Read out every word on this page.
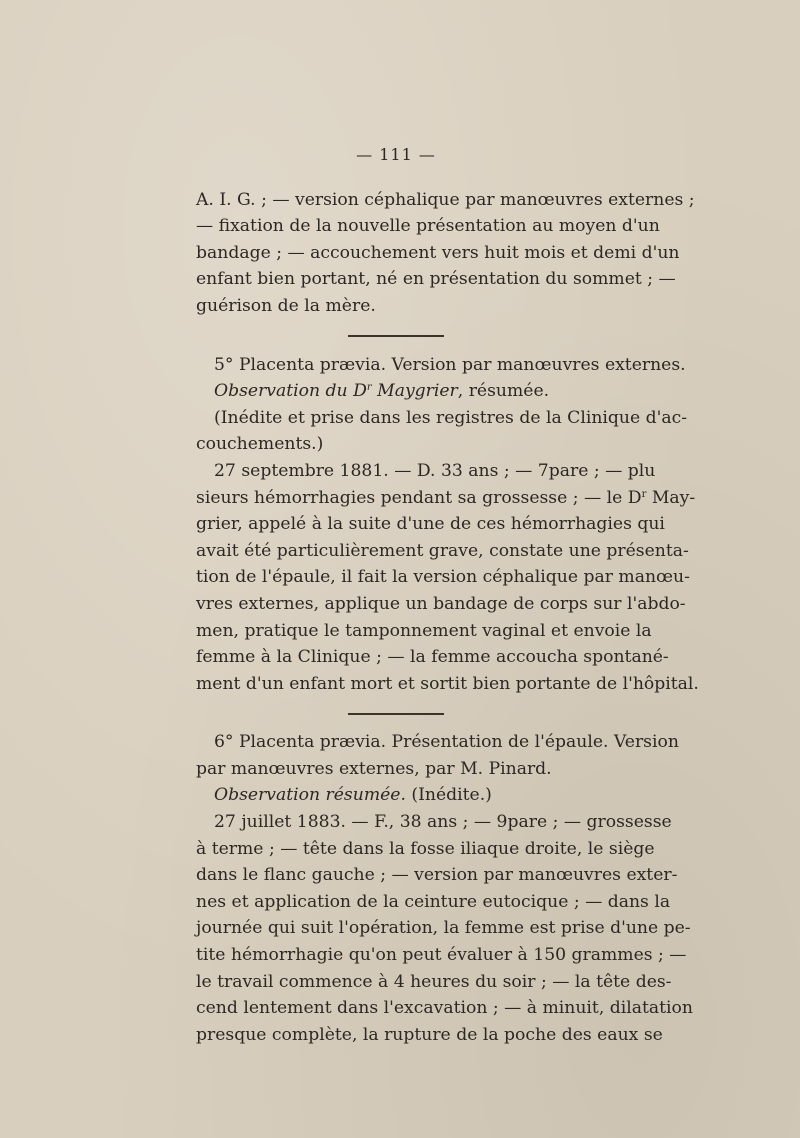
— 111 —
A. I. G. ; — version céphalique par manœuvres externes ;
— fixation de la nouvelle présentation au moyen d'un
bandage ; — accouchement vers huit mois et demi d'un
enfant bien portant, né en présentation du sommet ; —
guérison de la mère.
5° Placenta prævia. Version par manœuvres externes.
Observation du $D^r$ Maygrier, résumée.
(Inédite et prise dans les registres de la Clinique d'ac-
couchements.)
27 septembre 1881. — D. 33 ans ; — 7pare ; — plu
sieurs hémorrhagies pendant sa grossesse ; — le $D^r$ May-
grier, appelé à la suite d'une de ces hémorrhagies qui
avait été particulièrement grave, constate une présenta-
tion de l'épaule, il fait la version céphalique par manœu-
vres externes, applique un bandage de corps sur l'abdo-
men, pratique le tamponnement vaginal et envoie la
femme à la Clinique ; — la femme accoucha spontané-
ment d'un enfant mort et sortit bien portante de l'hôpital.
6° Placenta prævia. Présentation de l'épaule. Version
par manœuvres externes, par M. Pinard.
Observation résumée. (Inédite.)
27 juillet 1883. — F., 38 ans ; — 9pare ; — grossesse
à terme ; — tête dans la fosse iliaque droite, le siège
dans le flanc gauche ; — version par manœuvres exter-
nes et application de la ceinture eutocique ; — dans la
journée qui suit l'opération, la femme est prise d'une pe-
tite hémorrhagie qu'on peut évaluer à 150 grammes ; —
le travail commence à 4 heures du soir ; — la tête des-
cend lentement dans l'excavation ; — à minuit, dilatation
presque complète, la rupture de la poche des eaux se
